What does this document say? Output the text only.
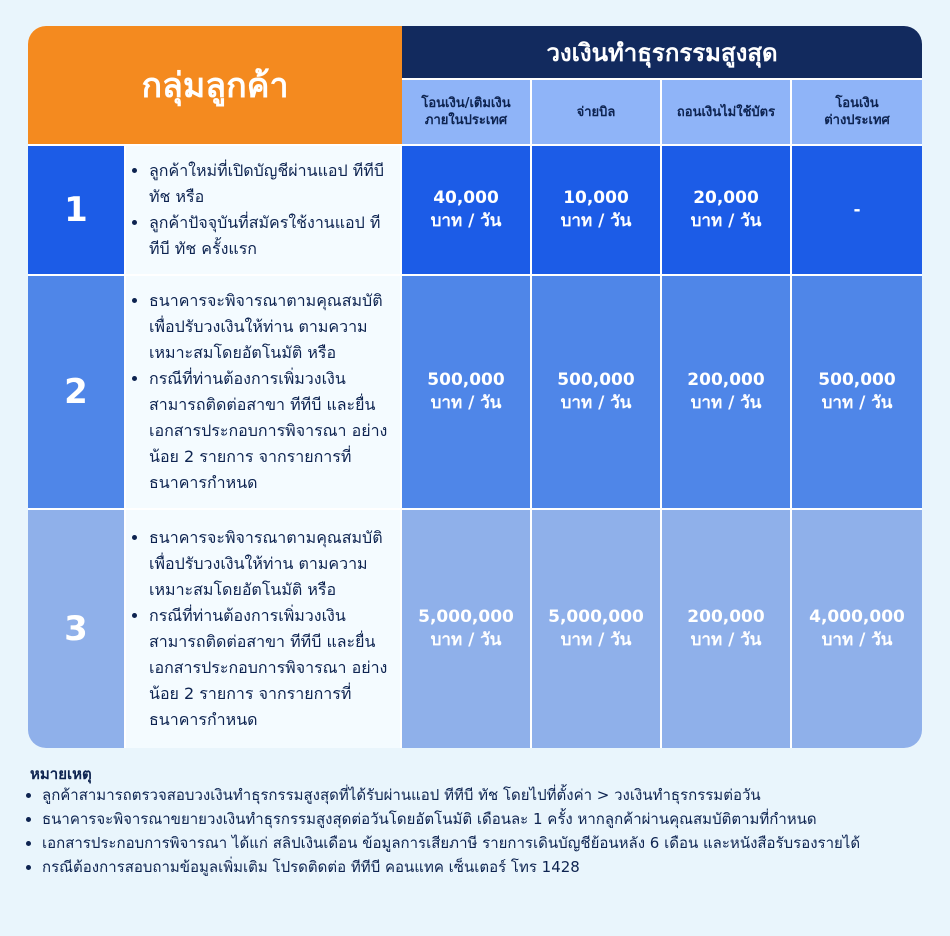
กลุ่มลูกค้า
วงเงินทำธุรกรรมสูงสุด
โอนเงิน/เติมเงิน
ภายในประเทศ
จ่ายบิล	ถอนเงินไม่ใช้บัตร
โอนเงิน
ต่างประเทศ
1
• ลูกค้าใหม่ที่เปิดบัญชีผ่านแอป ทีทีบี ทัช หรือ
• ลูกค้าปัจจุบันที่สมัครใช้งานแอป ทีทีบี ทัช ครั้งแรก
40,000
บาท / วัน
10,000
บาท / วัน
20,000
บาท / วัน
-
2
• ธนาคารจะพิจารณาตามคุณสมบัติ เพื่อปรับวงเงินให้ท่าน ตามความเหมาะสมโดยอัตโนมัติ หรือ
• กรณีที่ท่านต้องการเพิ่มวงเงิน สามารถติดต่อสาขา ทีทีบี และยื่นเอกสารประกอบการพิจารณา อย่างน้อย 2 รายการ จากรายการที่ธนาคารกำหนด
500,000
บาท / วัน
500,000
บาท / วัน
200,000
บาท / วัน
500,000
บาท / วัน
3
• ธนาคารจะพิจารณาตามคุณสมบัติ เพื่อปรับวงเงินให้ท่าน ตามความเหมาะสมโดยอัตโนมัติ หรือ
• กรณีที่ท่านต้องการเพิ่มวงเงิน สามารถติดต่อสาขา ทีทีบี และยื่นเอกสารประกอบการพิจารณา อย่างน้อย 2 รายการ จากรายการที่ธนาคารกำหนด
5,000,000
บาท / วัน
5,000,000
บาท / วัน
200,000
บาท / วัน
4,000,000
บาท / วัน
หมายเหตุ
• ลูกค้าสามารถตรวจสอบวงเงินทำธุรกรรมสูงสุดที่ได้รับผ่านแอป ทีทีบี ทัช โดยไปที่ตั้งค่า > วงเงินทำธุรกรรมต่อวัน
• ธนาคารจะพิจารณาขยายวงเงินทำธุรกรรมสูงสุดต่อวันโดยอัตโนมัติ เดือนละ 1 ครั้ง หากลูกค้าผ่านคุณสมบัติตามที่กำหนด
• เอกสารประกอบการพิจารณา ได้แก่ สลิปเงินเดือน ข้อมูลการเสียภาษี รายการเดินบัญชีย้อนหลัง 6 เดือน และหนังสือรับรองรายได้
• กรณีต้องการสอบถามข้อมูลเพิ่มเติม โปรดติดต่อ ทีทีบี คอนแทค เซ็นเตอร์ โทร 1428
